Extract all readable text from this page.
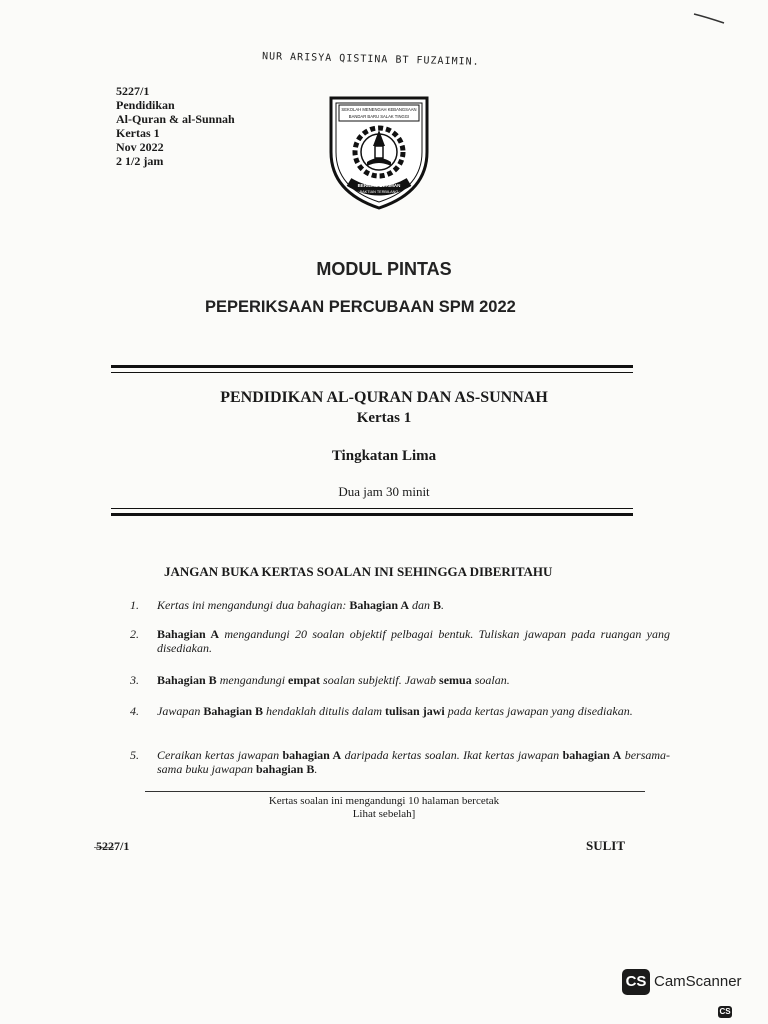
NUR ARISYA QISTINA BT FUZAIMIN.
5227/1
Pendidikan
Al-Quran & al-Sunnah
Kertas 1
Nov 2022
2 1/2 jam
SEKOLAH MENENGAH KEBANGSAAN
BANDAR BARU SALAK TINGGI
BERILMU BERIMAN
BAKTIAN TERBILANG
MODUL PINTAS
PEPERIKSAAN PERCUBAAN SPM 2022
PENDIDIKAN AL-QURAN DAN AS-SUNNAH
Kertas 1
Tingkatan Lima
Dua jam 30 minit
JANGAN BUKA KERTAS SOALAN INI SEHINGGA DIBERITAHU
1. Kertas ini mengandungi dua bahagian: Bahagian A dan B.
2. Bahagian A mengandungi 20 soalan objektif pelbagai bentuk. Tuliskan jawapan pada ruangan yang disediakan.
3. Bahagian B mengandungi empat soalan subjektif. Jawab semua soalan.
4. Jawapan Bahagian B hendaklah ditulis dalam tulisan jawi pada kertas jawapan yang disediakan.
5. Ceraikan kertas jawapan bahagian A daripada kertas soalan. Ikat kertas jawapan bahagian A bersama-sama buku jawapan bahagian B.
Kertas soalan ini mengandungi 10 halaman bercetak
Lihat sebelah]
5227/1	SULIT
CS CamScanner
CS
